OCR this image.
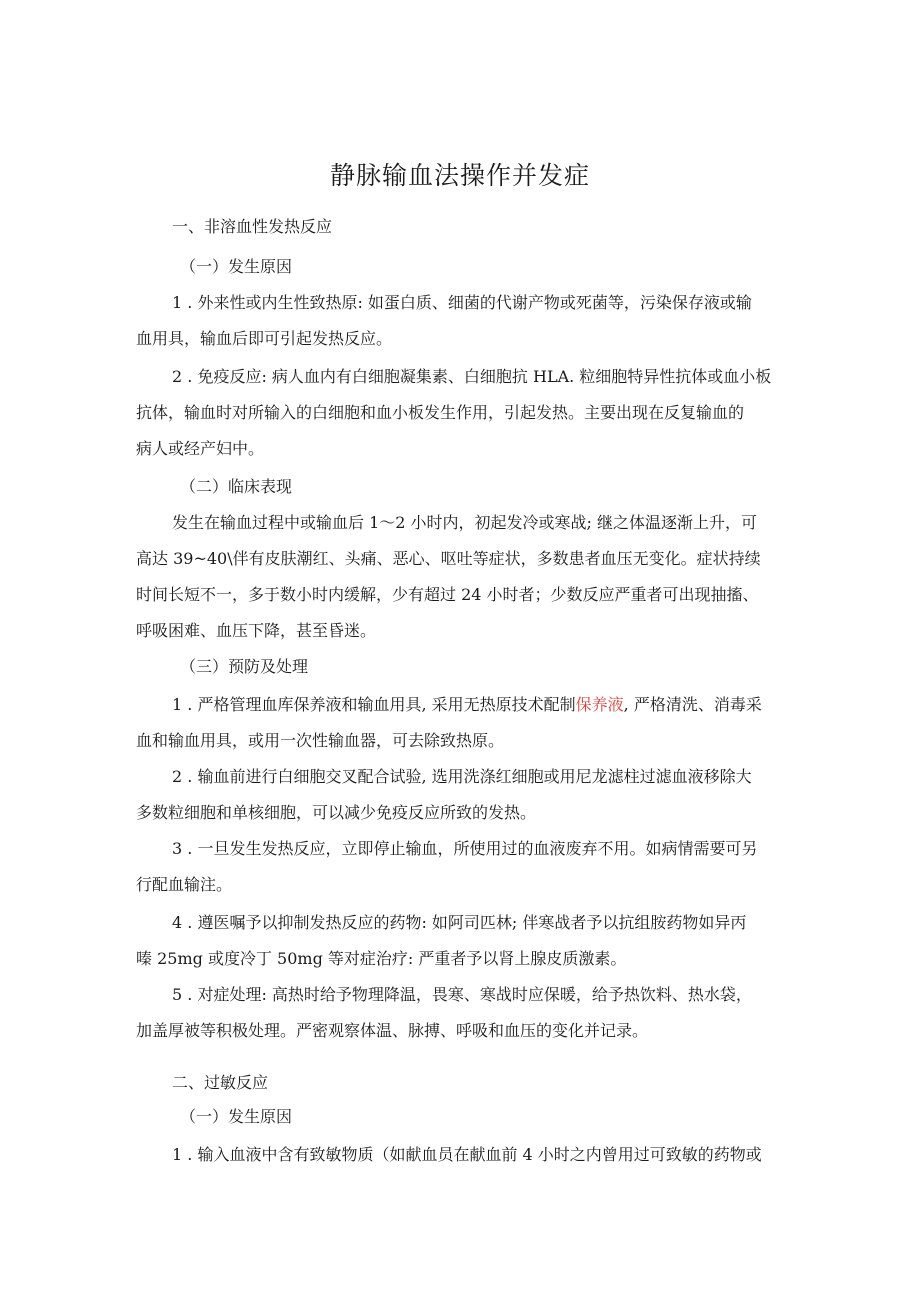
静脉输血法操作并发症
一、非溶血性发热反应
（一）发生原因
1 . 外来性或内生性致热原: 如蛋白质、细菌的代谢产物或死菌等，污染保存液或输
血用具，输血后即可引起发热反应。
2 . 免疫反应: 病人血内有白细胞凝集素、白细胞抗 HLA. 粒细胞特异性抗体或血小板
抗体，输血时对所输入的白细胞和血小板发生作用，引起发热。主要出现在反复输血的
病人或经产妇中。
（二）临床表现
发生在输血过程中或输血后 1～2 小时内，初起发冷或寒战; 继之体温逐渐上升，可
高达 39~40\伴有皮肤潮红、头痛、恶心、呕吐等症状，多数患者血压无变化。症状持续
时间长短不一，多于数小时内缓解，少有超过 24 小时者；少数反应严重者可出现抽搐、
呼吸困难、血压下降，甚至昏迷。
（三）预防及处理
1 . 严格管理血库保养液和输血用具, 采用无热原技术配制保养液, 严格清洗、消毒采
血和输血用具，或用一次性输血器，可去除致热原。
2 . 输血前进行白细胞交叉配合试验, 选用洗涤红细胞或用尼龙滤柱过滤血液移除大
多数粒细胞和单核细胞，可以减少免疫反应所致的发热。
3 . 一旦发生发热反应，立即停止输血，所使用过的血液废弃不用。如病情需要可另
行配血输注。
4 . 遵医嘱予以抑制发热反应的药物: 如阿司匹林; 伴寒战者予以抗组胺药物如异丙
嗪 25mg 或度冷丁 50mg 等对症治疗: 严重者予以肾上腺皮质激素。
5 . 对症处理: 高热时给予物理降温，畏寒、寒战时应保暖，给予热饮料、热水袋，
加盖厚被等积极处理。严密观察体温、脉搏、呼吸和血压的变化并记录。
二、过敏反应
（一）发生原因
1 . 输入血液中含有致敏物质（如献血员在献血前 4 小时之内曾用过可致敏的药物或
